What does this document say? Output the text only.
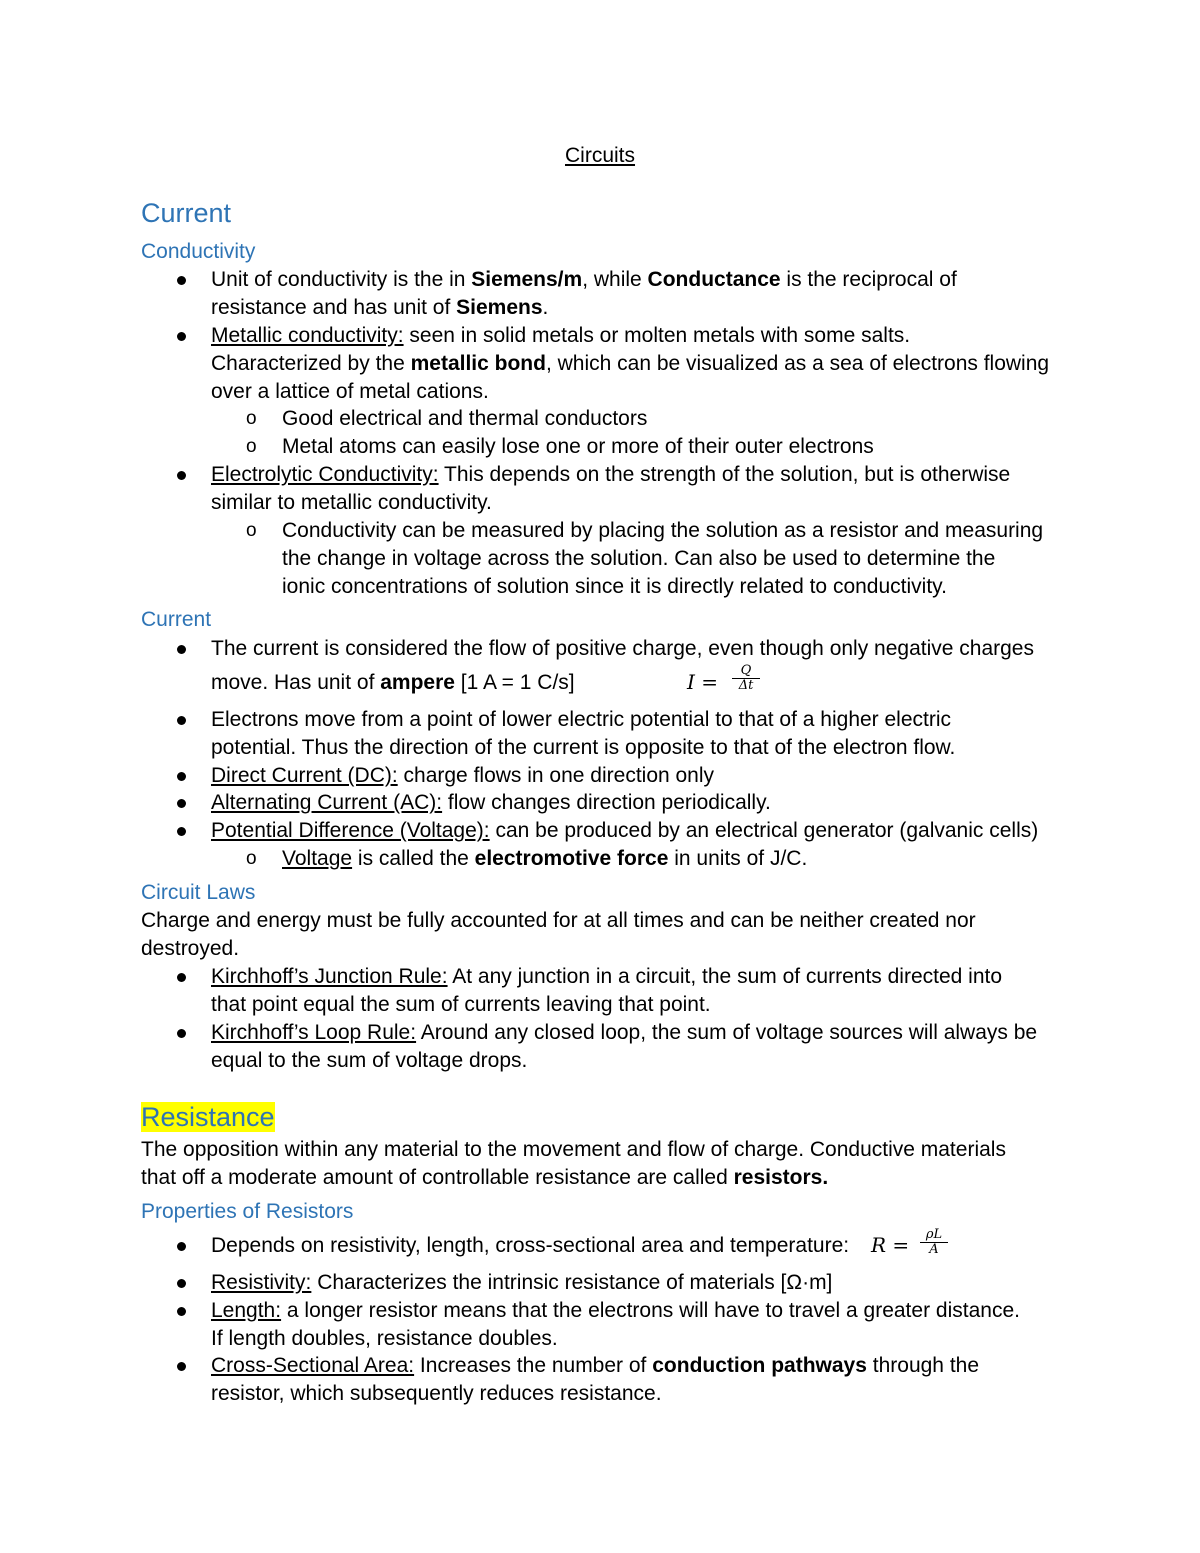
Circuits
Current
Conductivity
Unit of conductivity is the in Siemens/m, while Conductance is the reciprocal of
resistance and has unit of Siemens.
Metallic conductivity: seen in solid metals or molten metals with some salts.
Characterized by the metallic bond, which can be visualized as a sea of electrons flowing
over a lattice of metal cations.
o Good electrical and thermal conductors
o Metal atoms can easily lose one or more of their outer electrons
Electrolytic Conductivity: This depends on the strength of the solution, but is otherwise
similar to metallic conductivity.
o Conductivity can be measured by placing the solution as a resistor and measuring
the change in voltage across the solution. Can also be used to determine the
ionic concentrations of solution since it is directly related to conductivity.
Current
The current is considered the flow of positive charge, even though only negative charges
move. Has unit of ampere [1 A = 1 C/s]	I =	Q
Δt
Electrons move from a point of lower electric potential to that of a higher electric
potential. Thus the direction of the current is opposite to that of the electron flow.
Direct Current (DC): charge flows in one direction only
Alternating Current (AC): flow changes direction periodically.
Potential Difference (Voltage): can be produced by an electrical generator (galvanic cells)
o Voltage is called the electromotive force in units of J/C.
Circuit Laws
Charge and energy must be fully accounted for at all times and can be neither created nor
destroyed.
Kirchhoff’s Junction Rule: At any junction in a circuit, the sum of currents directed into
that point equal the sum of currents leaving that point.
Kirchhoff’s Loop Rule: Around any closed loop, the sum of voltage sources will always be
equal to the sum of voltage drops.
Resistance
The opposition within any material to the movement and flow of charge. Conductive materials
that off a moderate amount of controllable resistance are called resistors.
Properties of Resistors
Depends on resistivity, length, cross-sectional area and temperature: R =	ρL
A
Resistivity: Characterizes the intrinsic resistance of materials [Ω·m]
Length: a longer resistor means that the electrons will have to travel a greater distance.
If length doubles, resistance doubles.
Cross-Sectional Area: Increases the number of conduction pathways through the
resistor, which subsequently reduces resistance.
